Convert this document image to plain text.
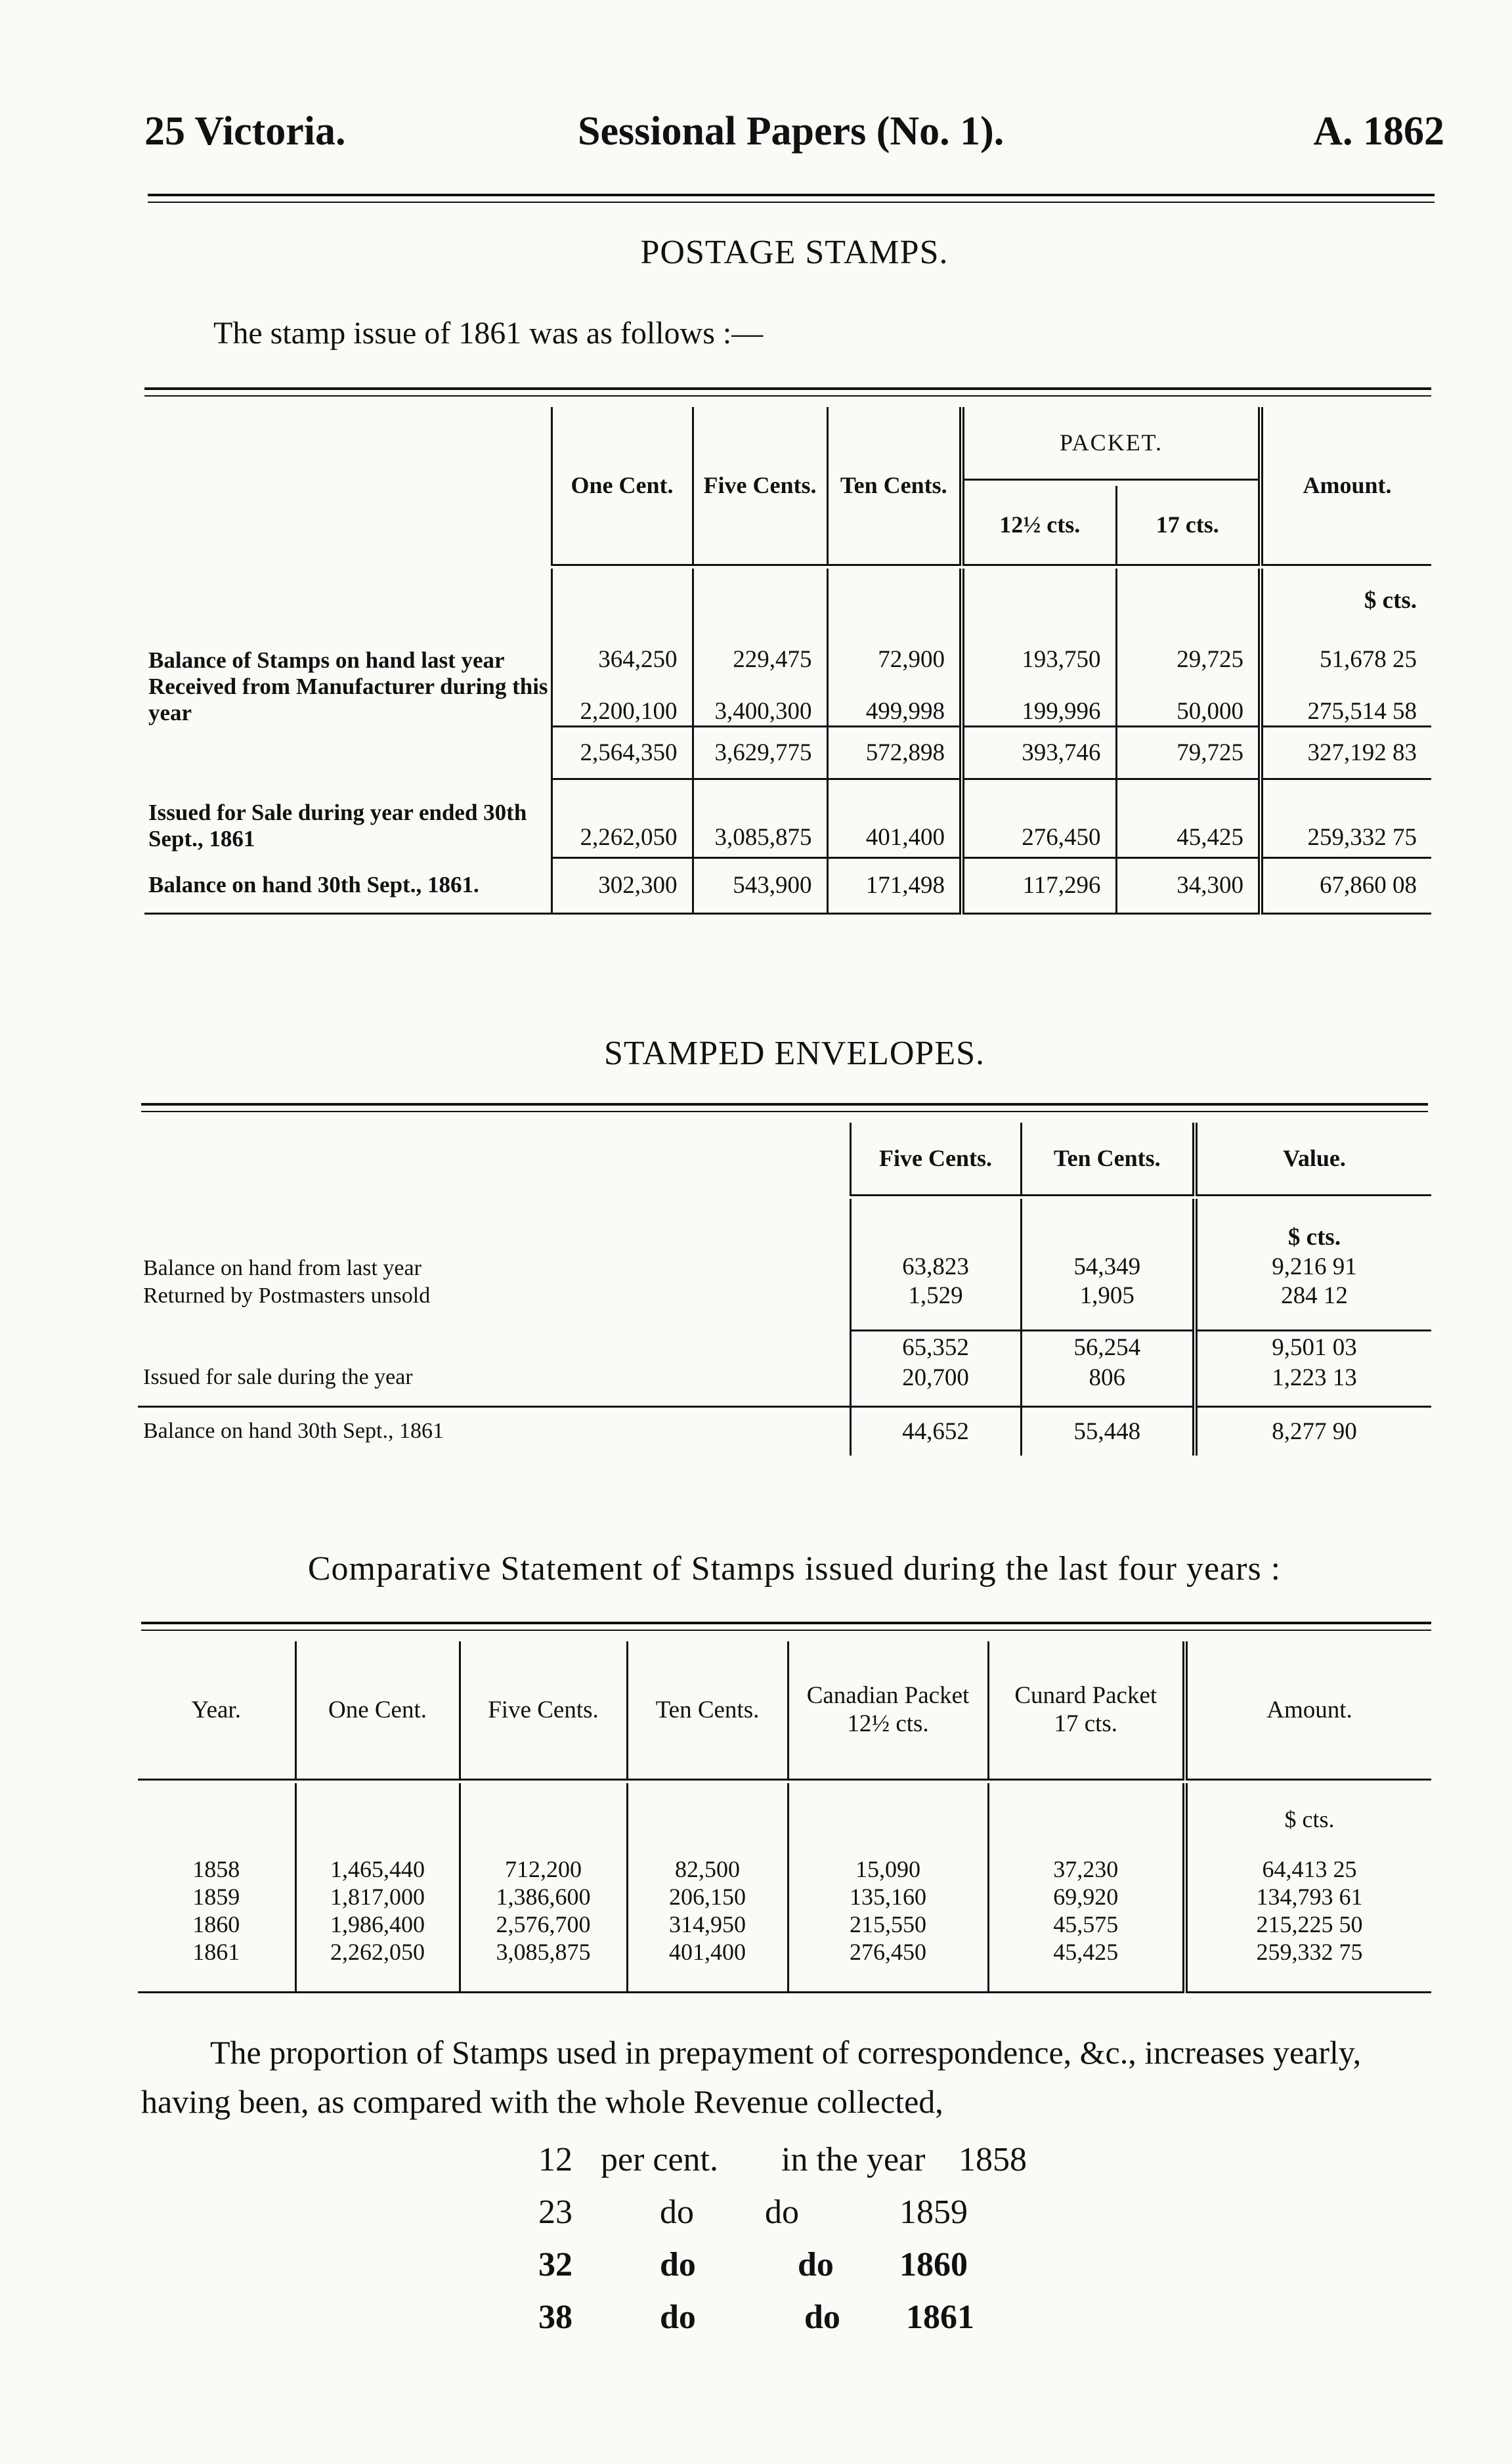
25 Victoria.	Sessional Papers (No. 1).	A. 1862
POSTAGE STAMPS.
The stamp issue of 1861 was as follows :—
	One Cent.	Five Cents.	Ten Cents.	PACKET.		Amount.

				12½ cts.	17 cts.	

						$ cts.
Balance of Stamps on hand last year	364,250	229,475	72,900	193,750	29,725	51,678 25
Received from Manufacturer during this year	2,200,100	3,400,300	499,998	199,996	50,000	275,514 58
	2,564,350	3,629,775	572,898	393,746	79,725	327,192 83
Issued for Sale during year ended 30th Sept., 1861	2,262,050	3,085,875	401,400	276,450	45,425	259,332 75
Balance on hand 30th Sept., 1861.	302,300	543,900	171,498	117,296	34,300	67,860 08
STAMPED ENVELOPES.
	Five Cents.	Ten Cents.	Value.

			$ cts.
Balance on hand from last year	63,823	54,349	9,216 91
Returned by Postmasters unsold	1,529	1,905	284 12

	65,352	56,254	9,501 03
Issued for sale during the year	20,700	806	1,223 13

Balance on hand 30th Sept., 1861	44,652	55,448	8,277 90
Comparative Statement of Stamps issued during the last four years :
Year.	One Cent.	Five Cents.	Ten Cents.	Canadian Packet 12½ cts.	Cunard Packet 17 cts.	Amount.

						$ cts.
1858	1,465,440	712,200	82,500	15,090	37,230	64,413 25
1859	1,817,000	1,386,600	206,150	135,160	69,920	134,793 61
1860	1,986,400	2,576,700	314,950	215,550	45,575	215,225 50
1861	2,262,050	3,085,875	401,400	276,450	45,425	259,332 75

The proportion of Stamps used in prepayment of correspondence, &c., increases yearly,
having been, as compared with the whole Revenue collected,
12 per cent. in the year 1858
23	do do	1859
32	do	do 1860
38	do	do 1861
